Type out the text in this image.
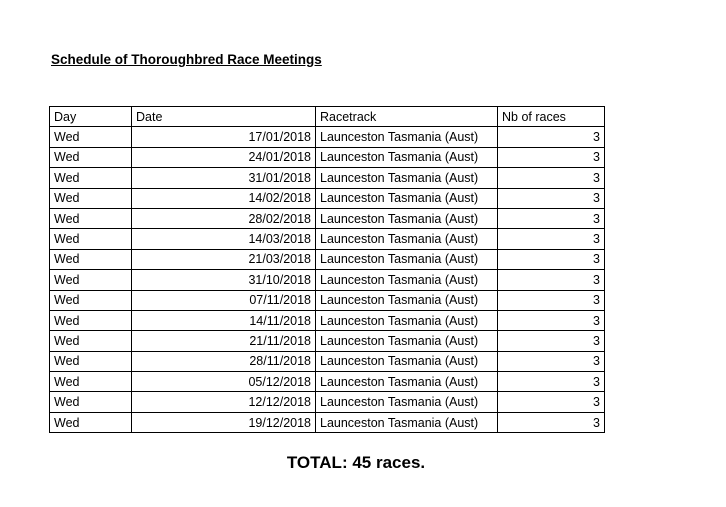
Schedule of Thoroughbred Race Meetings
Day	Date	Racetrack	Nb of races
Wed	17/01/2018	Launceston Tasmania (Aust)	3
Wed	24/01/2018	Launceston Tasmania (Aust)	3
Wed	31/01/2018	Launceston Tasmania (Aust)	3
Wed	14/02/2018	Launceston Tasmania (Aust)	3
Wed	28/02/2018	Launceston Tasmania (Aust)	3
Wed	14/03/2018	Launceston Tasmania (Aust)	3
Wed	21/03/2018	Launceston Tasmania (Aust)	3
Wed	31/10/2018	Launceston Tasmania (Aust)	3
Wed	07/11/2018	Launceston Tasmania (Aust)	3
Wed	14/11/2018	Launceston Tasmania (Aust)	3
Wed	21/11/2018	Launceston Tasmania (Aust)	3
Wed	28/11/2018	Launceston Tasmania (Aust)	3
Wed	05/12/2018	Launceston Tasmania (Aust)	3
Wed	12/12/2018	Launceston Tasmania (Aust)	3
Wed	19/12/2018	Launceston Tasmania (Aust)	3
TOTAL: 45 races.
